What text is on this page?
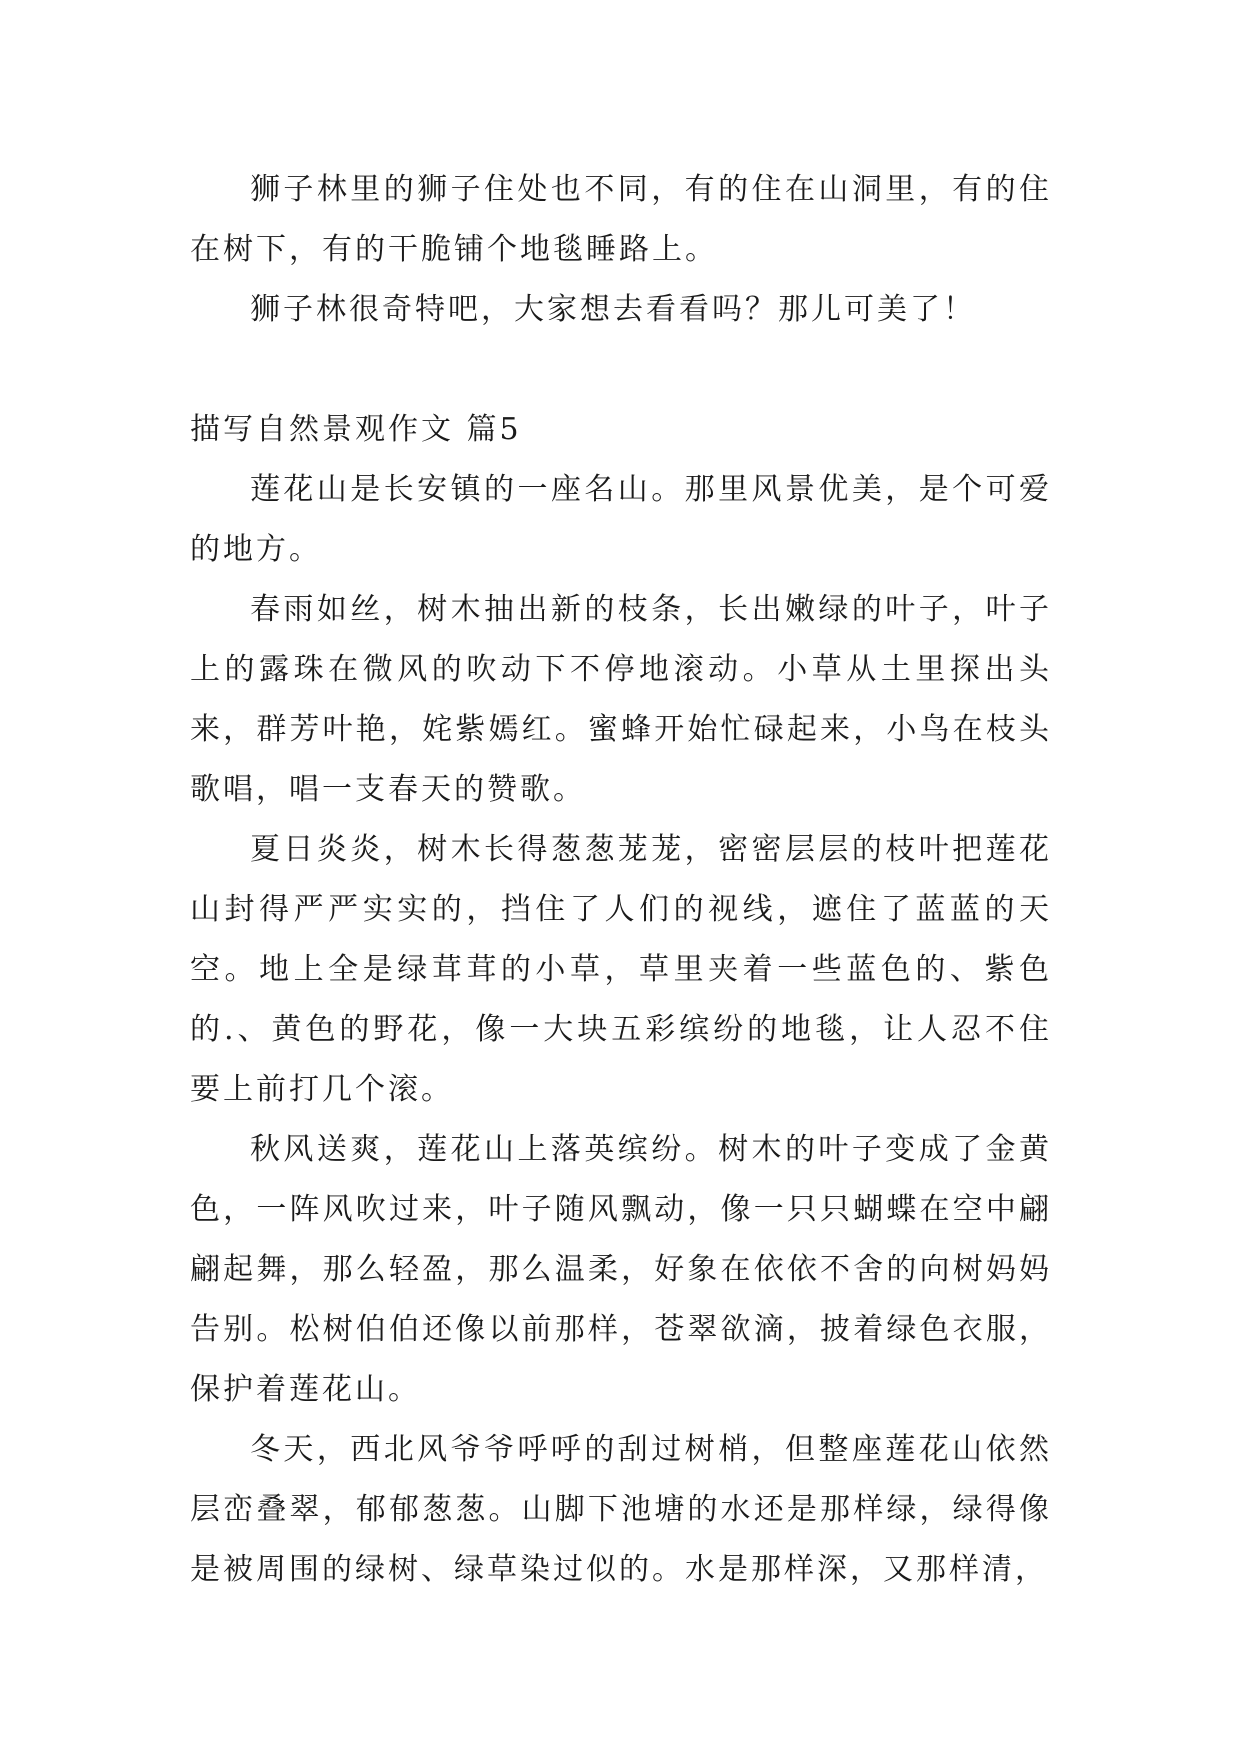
狮子林里的狮子住处也不同，有的住在山洞里，有的住在树下，有的干脆铺个地毯睡路上。

狮子林很奇特吧，大家想去看看吗？那儿可美了！

描写自然景观作文 篇5

莲花山是长安镇的一座名山。那里风景优美，是个可爱的地方。

春雨如丝，树木抽出新的枝条，长出嫩绿的叶子，叶子上的露珠在微风的吹动下不停地滚动。小草从土里探出头来，群芳叶艳，姹紫嫣红。蜜蜂开始忙碌起来，小鸟在枝头歌唱，唱一支春天的赞歌。

夏日炎炎，树木长得葱葱茏茏，密密层层的枝叶把莲花山封得严严实实的，挡住了人们的视线，遮住了蓝蓝的天空。地上全是绿茸茸的小草，草里夹着一些蓝色的、紫色的.、黄色的野花，像一大块五彩缤纷的地毯，让人忍不住要上前打几个滚。

秋风送爽，莲花山上落英缤纷。树木的叶子变成了金黄色，一阵风吹过来，叶子随风飘动，像一只只蝴蝶在空中翩翩起舞，那么轻盈，那么温柔，好象在依依不舍的向树妈妈告别。松树伯伯还像以前那样，苍翠欲滴，披着绿色衣服，保护着莲花山。

冬天，西北风爷爷呼呼的刮过树梢，但整座莲花山依然层峦叠翠，郁郁葱葱。山脚下池塘的水还是那样绿，绿得像是被周围的绿树、绿草染过似的。水是那样深，又那样清，
